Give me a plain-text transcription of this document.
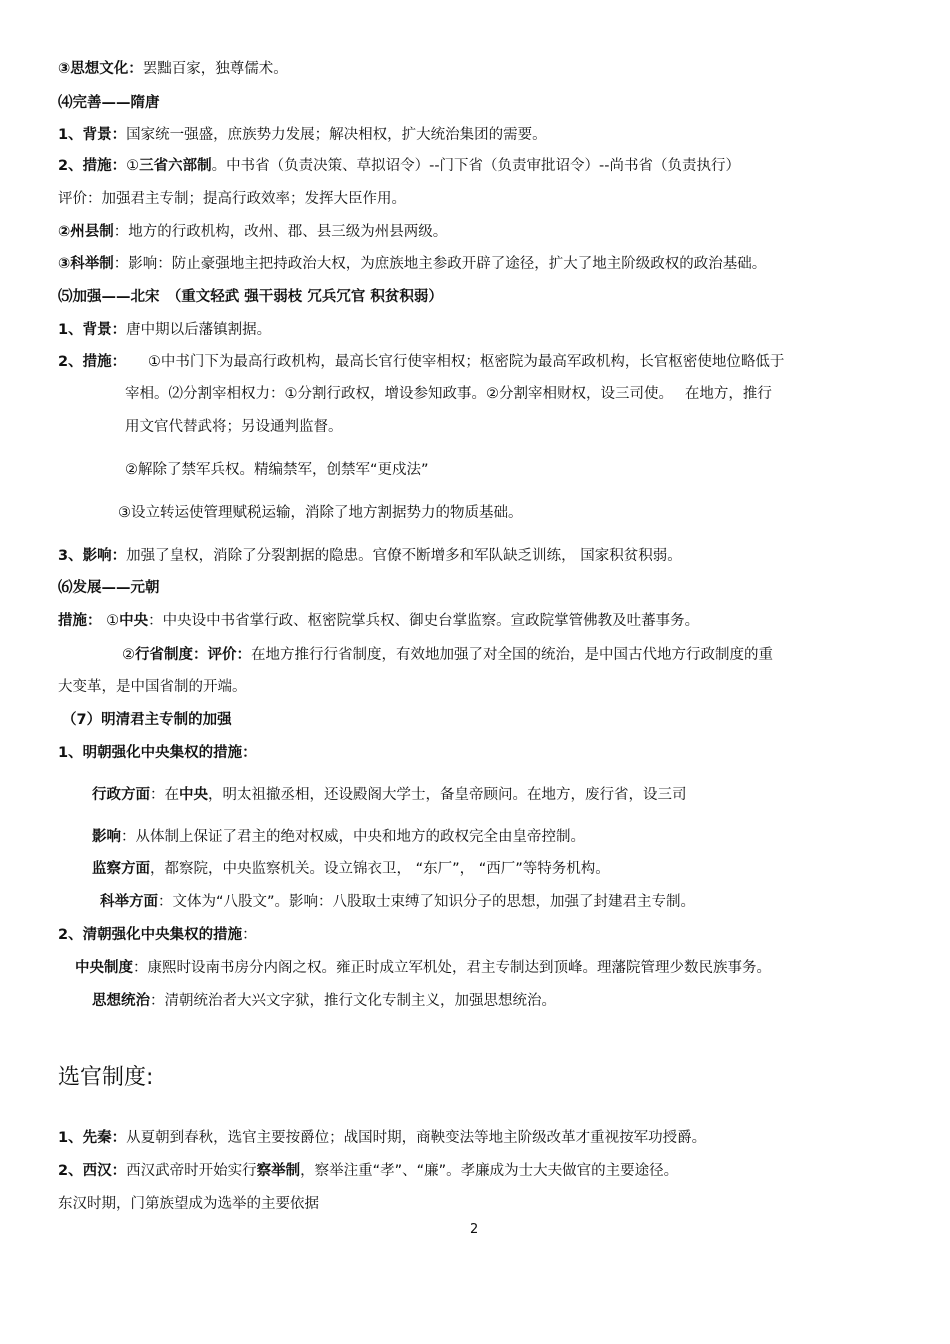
③思想文化：罢黜百家，独尊儒术。
⑷完善——隋唐
1、背景：国家统一强盛，庶族势力发展；解决相权，扩大统治集团的需要。
2、措施：①三省六部制。中书省（负责决策、草拟诏令）--门下省（负责审批诏令）--尚书省（负责执行）
评价：加强君主专制；提高行政效率；发挥大臣作用。
②州县制：地方的行政机构，改州、郡、县三级为州县两级。
③科举制：影响：防止豪强地主把持政治大权，为庶族地主参政开辟了途径，扩大了地主阶级政权的政治基础。
⑸加强——北宋　（重文轻武 强干弱枝 冗兵冗官 积贫积弱）
1、背景：唐中期以后藩镇割据。
2、措施：　　①中书门下为最高行政机构，最高长官行使宰相权；枢密院为最高军政机构，长官枢密使地位略低于
宰相。⑵分割宰相权力：①分割行政权，增设参知政事。②分割宰相财权，设三司使。　 在地方，推行
用文官代替武将；另设通判监督。
②解除了禁军兵权。精编禁军，创禁军“更戍法”
③设立转运使管理赋税运输，消除了地方割据势力的物质基础。
3、影响：加强了皇权，消除了分裂割据的隐患。官僚不断增多和军队缺乏训练， 国家积贫积弱。
⑹发展——元朝
措施： ①中央：中央设中书省掌行政、枢密院掌兵权、御史台掌监察。宣政院掌管佛教及吐蕃事务。
②行省制度：评价：在地方推行行省制度，有效地加强了对全国的统治，是中国古代地方行政制度的重
大变革，是中国省制的开端。
（7）明清君主专制的加强
1、明朝强化中央集权的措施：
行政方面：在中央，明太祖撤丞相，还设殿阁大学士，备皇帝顾问。在地方，废行省，设三司
影响：从体制上保证了君主的绝对权威，中央和地方的政权完全由皇帝控制。
监察方面，都察院，中央监察机关。设立锦衣卫， “东厂”， “西厂”等特务机构。
科举方面：文体为“八股文”。影响：八股取士束缚了知识分子的思想，加强了封建君主专制。
2、清朝强化中央集权的措施：
中央制度：康熙时设南书房分内阁之权。雍正时成立军机处，君主专制达到顶峰。理藩院管理少数民族事务。
思想统治：清朝统治者大兴文字狱，推行文化专制主义，加强思想统治。
选官制度:
1、先秦：从夏朝到春秋，选官主要按爵位；战国时期，商鞅变法等地主阶级改革才重视按军功授爵。
2、西汉：西汉武帝时开始实行察举制，察举注重“孝”、“廉”。孝廉成为士大夫做官的主要途径。
东汉时期，门第族望成为选举的主要依据
2
